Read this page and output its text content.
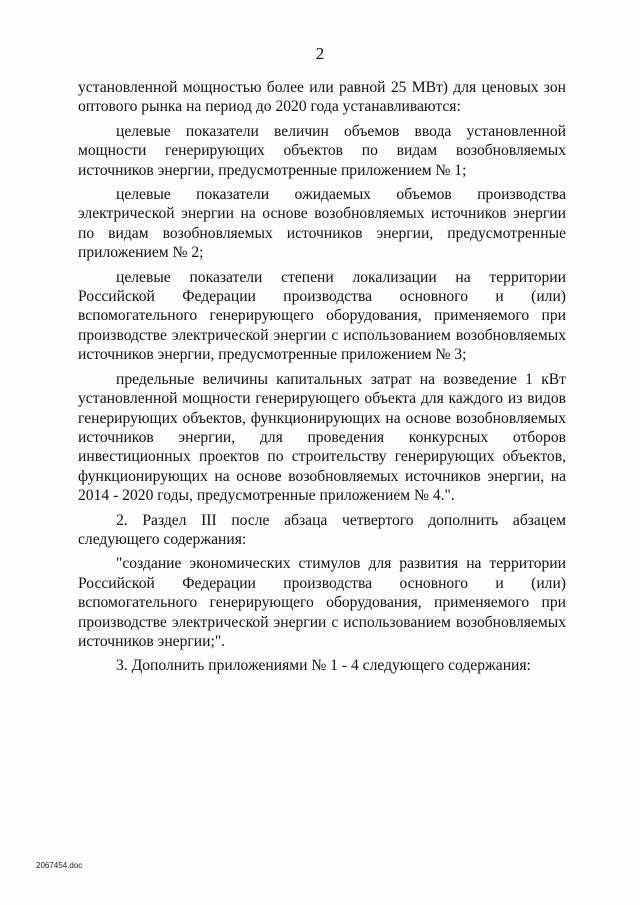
2

установленной мощностью более или равной 25 МВт) для ценовых зон оптового рынка на период до 2020 года устанавливаются:

целевые показатели величин объемов ввода установленной мощности генерирующих объектов по видам возобновляемых источников энергии, предусмотренные приложением № 1;

целевые показатели ожидаемых объемов производства электрической энергии на основе возобновляемых источников энергии по видам возобновляемых источников энергии, предусмотренные приложением № 2;

целевые показатели степени локализации на территории Российской Федерации производства основного и (или) вспомогательного генерирующего оборудования, применяемого при производстве электрической энергии с использованием возобновляемых источников энергии, предусмотренные приложением № 3;

предельные величины капитальных затрат на возведение 1 кВт установленной мощности генерирующего объекта для каждого из видов генерирующих объектов, функционирующих на основе возобновляемых источников энергии, для проведения конкурсных отборов инвестиционных проектов по строительству генерирующих объектов, функционирующих на основе возобновляемых источников энергии, на 2014 - 2020 годы, предусмотренные приложением № 4.".

2. Раздел III после абзаца четвертого дополнить абзацем следующего содержания:

"создание экономических стимулов для развития на территории Российской Федерации производства основного и (или) вспомогательного генерирующего оборудования, применяемого при производстве электрической энергии с использованием возобновляемых источников энергии;".

3. Дополнить приложениями № 1 - 4 следующего содержания:

2067454.doc
